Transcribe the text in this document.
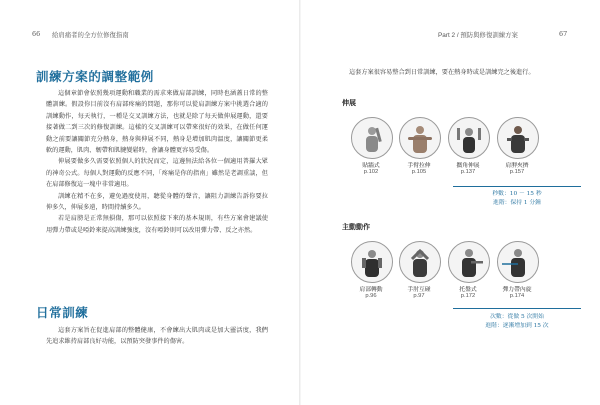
66 給肩痛者的全方位修復指南	Part 2 / 預防與修復訓練方案	67
訓練方案的調整範例

這個章節會依照幾項運動和職業的需求來做肩部訓練，同時也涵蓋日常的整體訓練。假設你目前沒有肩部疼痛的問題，那你可以從肩訓練方案中挑選合適的訓練動作，每天執行，一種是交叉訓練方法，也就是除了每天做伸展運動，還要接著做二到三次的修復訓練。這樣的交叉訓練可以帶來很好的效果，在做任何運動之前要讓關節充分熱身，熱身與伸展不同，熱身是增加肌肉溫度，讓關節更柔軟的運動，肌肉、韌帶和肌腱變鬆時，會讓身體更容易受傷。

伸展要做多久需要依照個人的狀況而定，這邊無法給各位一個適用普羅大眾的神奇公式。每個人對運動的反應不同，「疼痛是你的指南」雖然是老調重談，但在肩部修復這一塊中非常適用。

訓練在精不在多，避免過度使用，聽從身體的聲音，讓阻力訓練告訴你要拉伸多久，伸展多遠，時間持續多久。

若是肩膀是正常無損傷，那可以依照接下來的基本規則，有些方案會建議使用彈力帶或是啞鈴來提高訓練強度，沒有啞鈴則可以改用彈力帶、反之亦然。

日常訓練

這套方案旨在促進肩部的整體健康，不會練出大肌肉或是加大靈活度，我們先追求維持肩部良好功能，以預防突發事件的傷害。

這套方案很容易整合到日常訓練，要在熱身時或是訓練完之後進行。

伸展
貼牆式
p.102
手臂拉伸
p.105
攜角伸展
p.137
肩胛夾擠
p.157
秒數：10 － 15 秒
進階：保持 1 分鐘
主動動作
肩部轉動
p.96
手肘互碰
p.97
托盤式
p.172
彈力帶內旋
p.174
次數：從做 5 次開始
進階：逐漸增加到 15 次
